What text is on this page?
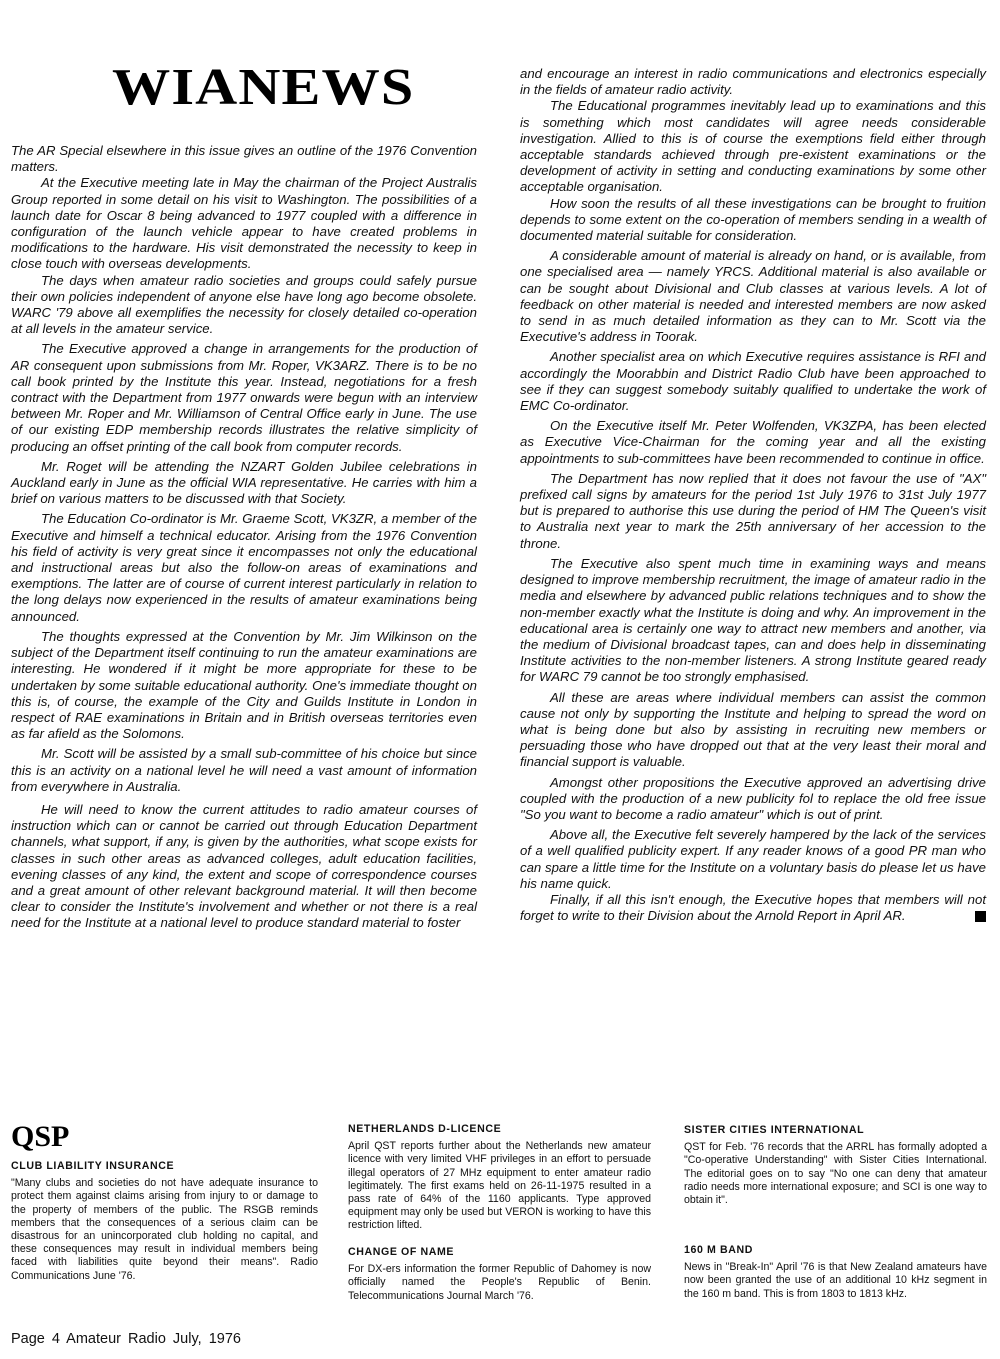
WIANEWS

The AR Special elsewhere in this issue gives an outline of the 1976 Convention matters.

At the Executive meeting late in May the chairman of the Project Australis Group reported in some detail on his visit to Washington. The possibilities of a launch date for Oscar 8 being advanced to 1977 coupled with a difference in configuration of the launch vehicle appear to have created problems in modifications to the hardware. His visit demonstrated the necessity to keep in close touch with overseas developments.

The days when amateur radio societies and groups could safely pursue their own policies independent of anyone else have long ago become obsolete. WARC '79 above all exemplifies the necessity for closely detailed co-operation at all levels in the amateur service.

The Executive approved a change in arrangements for the production of AR consequent upon submissions from Mr. Roper, VK3ARZ. There is to be no call book printed by the Institute this year. Instead, negotiations for a fresh contract with the Department from 1977 onwards were begun with an interview between Mr. Roper and Mr. Williamson of Central Office early in June. The use of our existing EDP membership records illustrates the relative simplicity of producing an offset printing of the call book from computer records.

Mr. Roget will be attending the NZART Golden Jubilee celebrations in Auckland early in June as the official WIA representative. He carries with him a brief on various matters to be discussed with that Society.

The Education Co-ordinator is Mr. Graeme Scott, VK3ZR, a member of the Executive and himself a technical educator. Arising from the 1976 Convention his field of activity is very great since it encompasses not only the educational and instructional areas but also the follow-on areas of examinations and exemptions. The latter are of course of current interest particularly in relation to the long delays now experienced in the results of amateur examinations being announced.

The thoughts expressed at the Convention by Mr. Jim Wilkinson on the subject of the Department itself continuing to run the amateur examinations are interesting. He wondered if it might be more appropriate for these to be undertaken by some suitable educational authority. One's immediate thought on this is, of course, the example of the City and Guilds Institute in London in respect of RAE examinations in Britain and in British overseas territories even as far afield as the Solomons.

Mr. Scott will be assisted by a small sub-committee of his choice but since this is an activity on a national level he will need a vast amount of information from everywhere in Australia.

He will need to know the current attitudes to radio amateur courses of instruction which can or cannot be carried out through Education Department channels, what support, if any, is given by the authorities, what scope exists for classes in such other areas as advanced colleges, adult education facilities, evening classes of any kind, the extent and scope of correspondence courses and a great amount of other relevant background material. It will then become clear to consider the Institute's involvement and whether or not there is a real need for the Institute at a national level to produce standard material to foster

and encourage an interest in radio communications and electronics especially in the fields of amateur radio activity.

The Educational programmes inevitably lead up to examinations and this is something which most candidates will agree needs considerable investigation. Allied to this is of course the exemptions field either through acceptable standards achieved through pre-existent examinations or the development of activity in setting and conducting examinations by some other acceptable organisation.

How soon the results of all these investigations can be brought to fruition depends to some extent on the co-operation of members sending in a wealth of documented material suitable for consideration.

A considerable amount of material is already on hand, or is available, from one specialised area — namely YRCS. Additional material is also available or can be sought about Divisional and Club classes at various levels. A lot of feedback on other material is needed and interested members are now asked to send in as much detailed information as they can to Mr. Scott via the Executive's address in Toorak.

Another specialist area on which Executive requires assistance is RFI and accordingly the Moorabbin and District Radio Club have been approached to see if they can suggest somebody suitably qualified to undertake the work of EMC Co-ordinator.

On the Executive itself Mr. Peter Wolfenden, VK3ZPA, has been elected as Executive Vice-Chairman for the coming year and all the existing appointments to sub-committees have been recommended to continue in office.

The Department has now replied that it does not favour the use of "AX" prefixed call signs by amateurs for the period 1st July 1976 to 31st July 1977 but is prepared to authorise this use during the period of HM The Queen's visit to Australia next year to mark the 25th anniversary of her accession to the throne.

The Executive also spent much time in examining ways and means designed to improve membership recruitment, the image of amateur radio in the media and elsewhere by advanced public relations techniques and to show the non-member exactly what the Institute is doing and why. An improvement in the educational area is certainly one way to attract new members and another, via the medium of Divisional broadcast tapes, can and does help in disseminating Institute activities to the non-member listeners. A strong Institute geared ready for WARC 79 cannot be too strongly emphasised.

All these are areas where individual members can assist the common cause not only by supporting the Institute and helping to spread the word on what is being done but also by assisting in recruiting new members or persuading those who have dropped out that at the very least their moral and financial support is valuable.

Amongst other propositions the Executive approved an advertising drive coupled with the production of a new publicity fol to replace the old free issue "So you want to become a radio amateur" which is out of print.

Above all, the Executive felt severely hampered by the lack of the services of a well qualified publicity expert. If any reader knows of a good PR man who can spare a little time for the Institute on a voluntary basis do please let us have his name quick.

Finally, if all this isn't enough, the Executive hopes that members will not forget to write to their Division about the Arnold Report in April AR.

QSP
CLUB LIABILITY INSURANCE

"Many clubs and societies do not have adequate insurance to protect them against claims arising from injury to or damage to the property of members of the public. The RSGB reminds members that the consequences of a serious claim can be disastrous for an unincorporated club holding no capital, and these consequences may result in individual members being faced with liabilities quite beyond their means". Radio Communications June '76.

NETHERLANDS D-LICENCE

April QST reports further about the Netherlands new amateur licence with very limited VHF privileges in an effort to persuade illegal operators of 27 MHz equipment to enter amateur radio legitimately. The first exams held on 26-11-1975 resulted in a pass rate of 64% of the 1160 applicants. Type approved equipment may only be used but VERON is working to have this restriction lifted.

CHANGE OF NAME

For DX-ers information the former Republic of Dahomey is now officially named the People's Republic of Benin. Telecommunications Journal March '76.

SISTER CITIES INTERNATIONAL

QST for Feb. '76 records that the ARRL has formally adopted a "Co-operative Understanding" with Sister Cities International. The editorial goes on to say "No one can deny that amateur radio needs more international exposure; and SCI is one way to obtain it".

160 M BAND

News in "Break-In" April '76 is that New Zealand amateurs have now been granted the use of an additional 10 kHz segment in the 160 m band. This is from 1803 to 1813 kHz.

Page 4 Amateur Radio July, 1976
